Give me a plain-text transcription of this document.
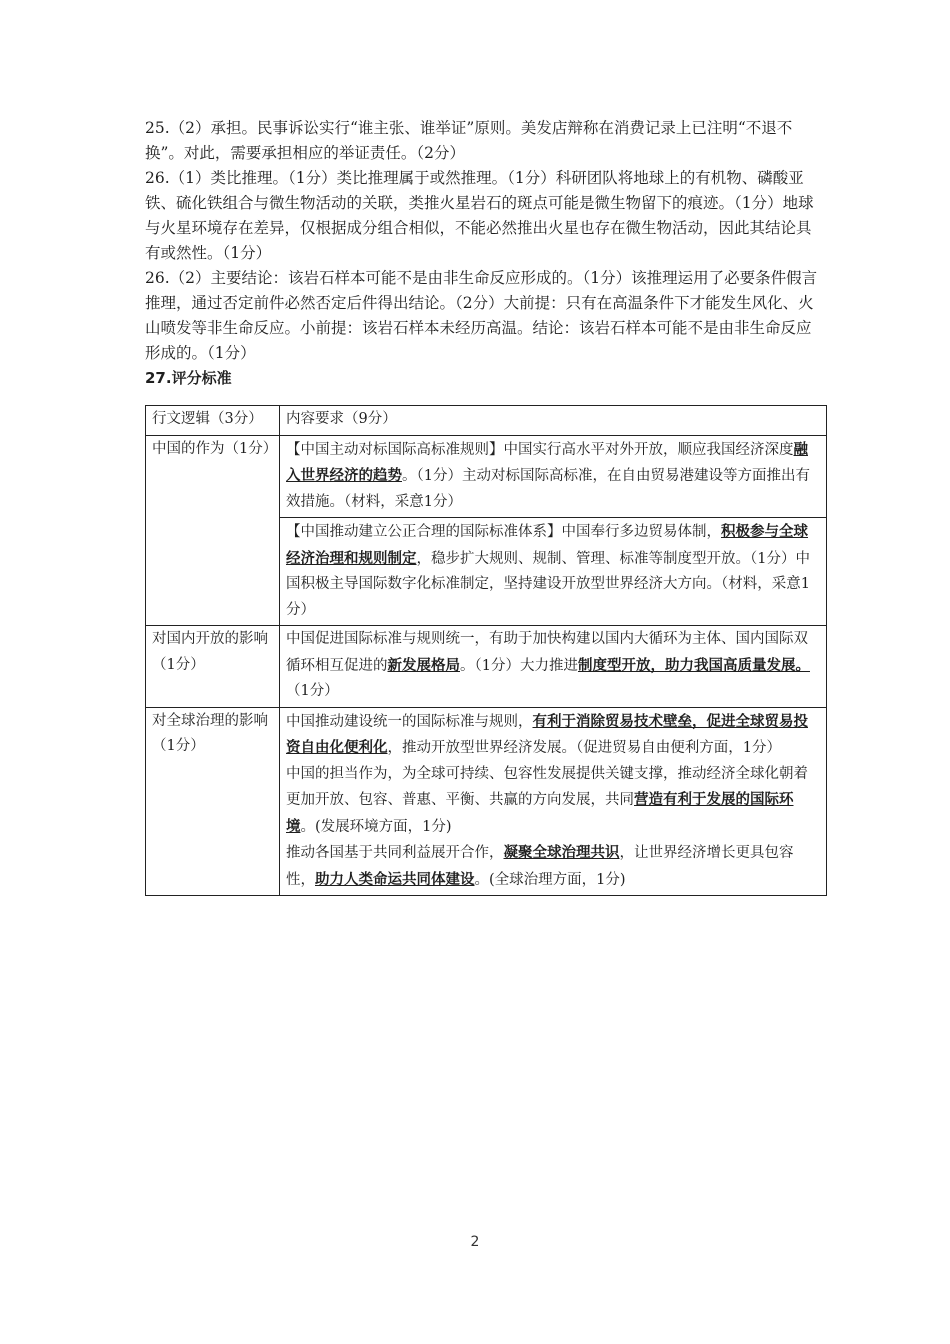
25.（2）承担。民事诉讼实行“谁主张、谁举证”原则。美发店辩称在消费记录上已注明“不退不换”。对此，需要承担相应的举证责任。（2分）

26.（1）类比推理。（1分）类比推理属于或然推理。（1分）科研团队将地球上的有机物、磷酸亚铁、硫化铁组合与微生物活动的关联，类推火星岩石的斑点可能是微生物留下的痕迹。（1分）地球与火星环境存在差异，仅根据成分组合相似，不能必然推出火星也存在微生物活动，因此其结论具有或然性。（1分）

26.（2）主要结论：该岩石样本可能不是由非生命反应形成的。（1分）该推理运用了必要条件假言推理，通过否定前件必然否定后件得出结论。（2分）大前提：只有在高温条件下才能发生风化、火山喷发等非生命反应。小前提：该岩石样本未经历高温。结论：该岩石样本可能不是由非生命反应形成的。（1分）

27.评分标准

行文逻辑（3分）	内容要求（9分）
中国的作为（1分）	【中国主动对标国际高标准规则】中国实行高水平对外开放，顺应我国经济深度融入世界经济的趋势。（1分）主动对标国际高标准，在自由贸易港建设等方面推出有效措施。（材料，采意1分）
	【中国推动建立公正合理的国际标准体系】中国奉行多边贸易体制，积极参与全球经济治理和规则制定，稳步扩大规则、规制、管理、标准等制度型开放。（1分）中国积极主导国际数字化标准制定，坚持建设开放型世界经济大方向。（材料，采意1分）
对国内开放的影响（1分）	中国促进国际标准与规则统一，有助于加快构建以国内大循环为主体、国内国际双循环相互促进的新发展格局。（1分）大力推进制度型开放，助力我国高质量发展。（1分）
对全球治理的影响（1分）	中国推动建设统一的国际标准与规则，有利于消除贸易技术壁垒，促进全球贸易投资自由化便利化，推动开放型世界经济发展。（促进贸易自由便利方面，1分）
中国的担当作为，为全球可持续、包容性发展提供关键支撑，推动经济全球化朝着更加开放、包容、普惠、平衡、共赢的方向发展，共同营造有利于发展的国际环境。(发展环境方面，1分)
推动各国基于共同利益展开合作，凝聚全球治理共识，让世界经济增长更具包容性，助力人类命运共同体建设。(全球治理方面，1分)
2
